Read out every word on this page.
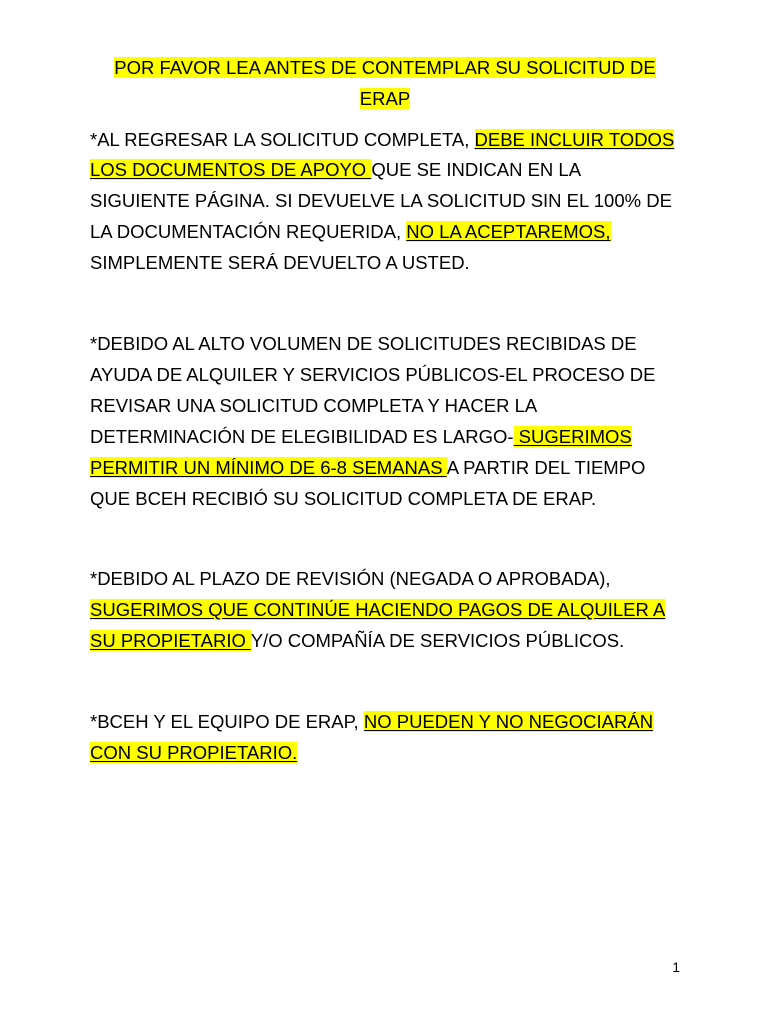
POR FAVOR LEA ANTES DE CONTEMPLAR SU SOLICITUD DE
ERAP
*AL REGRESAR LA SOLICITUD COMPLETA, DEBE INCLUIR TODOS
LOS DOCUMENTOS DE APOYO QUE SE INDICAN EN LA
SIGUIENTE PÁGINA. SI DEVUELVE LA SOLICITUD SIN EL 100% DE
LA DOCUMENTACIÓN REQUERIDA, NO LA ACEPTAREMOS,
SIMPLEMENTE SERÁ DEVUELTO A USTED.
*DEBIDO AL ALTO VOLUMEN DE SOLICITUDES RECIBIDAS DE
AYUDA DE ALQUILER Y SERVICIOS PÚBLICOS-EL PROCESO DE
REVISAR UNA SOLICITUD COMPLETA Y HACER LA
DETERMINACIÓN DE ELEGIBILIDAD ES LARGO- SUGERIMOS
PERMITIR UN MÍNIMO DE 6-8 SEMANAS A PARTIR DEL TIEMPO
QUE BCEH RECIBIÓ SU SOLICITUD COMPLETA DE ERAP.
*DEBIDO AL PLAZO DE REVISIÓN (NEGADA O APROBADA),
SUGERIMOS QUE CONTINÚE HACIENDO PAGOS DE ALQUILER A
SU PROPIETARIO Y/O COMPAÑÍA DE SERVICIOS PÚBLICOS.
*BCEH Y EL EQUIPO DE ERAP, NO PUEDEN Y NO NEGOCIARÁN
CON SU PROPIETARIO.
1
